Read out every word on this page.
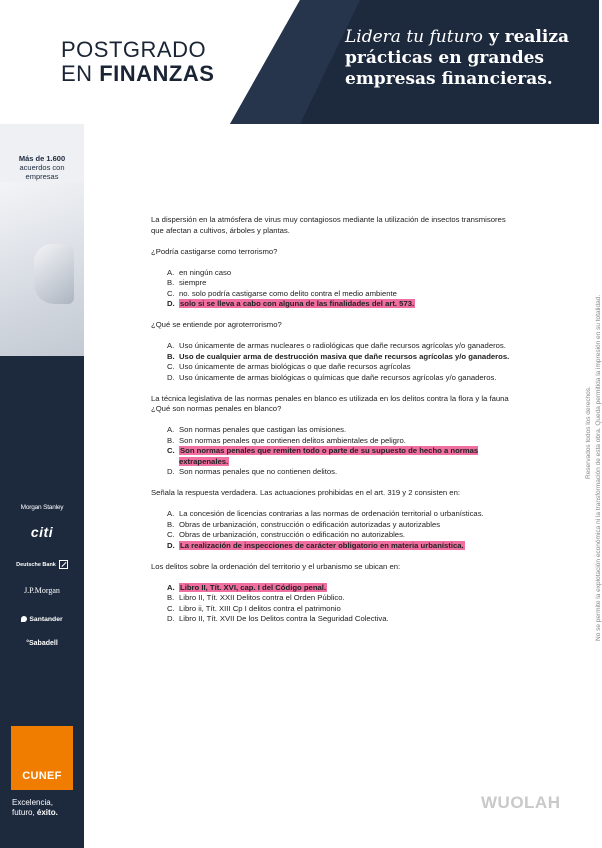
POSTGRADO
EN FINANZAS
Lidera tu futuro y realiza prácticas en grandes empresas financieras.
Más de 1.600
acuerdos con empresas
Morgan Stanley
citi
Deutsche Bank
J.P.Morgan
Santander
°Sabadell
CUNEF
Excelencia,
futuro, éxito.
Reservados todos los derechos. No se permite la explotación económica ni la transformación de esta obra. Queda permitida la impresión en su totalidad.

La dispersión en la atmósfera de virus muy contagiosos mediante la utilización de insectos transmisores que afectan a cultivos, árboles y plantas.

¿Podría castigarse como terrorismo?

A. en ningún caso
B. siempre
C. no. solo podría castigarse como delito contra el medio ambiente
D. solo si se lleva a cabo con alguna de las finalidades del art. 573.

¿Qué se entiende por agroterrorismo?

A. Uso únicamente de armas nucleares o radiológicas que dañe recursos agrícolas y/o ganaderos.
B. Uso de cualquier arma de destrucción masiva que dañe recursos agrícolas y/o ganaderos.
C. Uso únicamente de armas biológicas o que dañe recursos agrícolas
D. Uso únicamente de armas biológicas o químicas que dañe recursos agrícolas y/o ganaderos.

La técnica legislativa de las normas penales en blanco es utilizada en los delitos contra la flora y la fauna ¿Qué son normas penales en blanco?

A. Son normas penales que castigan las omisiones.
B. Son normas penales que contienen delitos ambientales de peligro.
C. Son normas penales que remiten todo o parte de su supuesto de hecho a normas extrapenales.
D. Son normas penales que no contienen delitos.

Señala la respuesta verdadera. Las actuaciones prohibidas en el art. 319 y 2 consisten en:

A. La concesión de licencias contrarias a las normas de ordenación territorial o urbanísticas.
B. Obras de urbanización, construcción o edificación autorizadas y autorizables
C. Obras de urbanización, construcción o edificación no autorizables.
D. La realización de inspecciones de carácter obligatorio en materia urbanística.

Los delitos sobre la ordenación del territorio y el urbanismo se ubican en:

A. Libro II, Tít. XVI, cap. I del Código penal.
B. Libro II, Tít. XXII Delitos contra el Orden Público.
C. Libro ii, Tít. XIII Cp I delitos contra el patrimonio
D. Libro II, Tít. XVII De los Delitos contra la Seguridad Colectiva.
WUOLAH
